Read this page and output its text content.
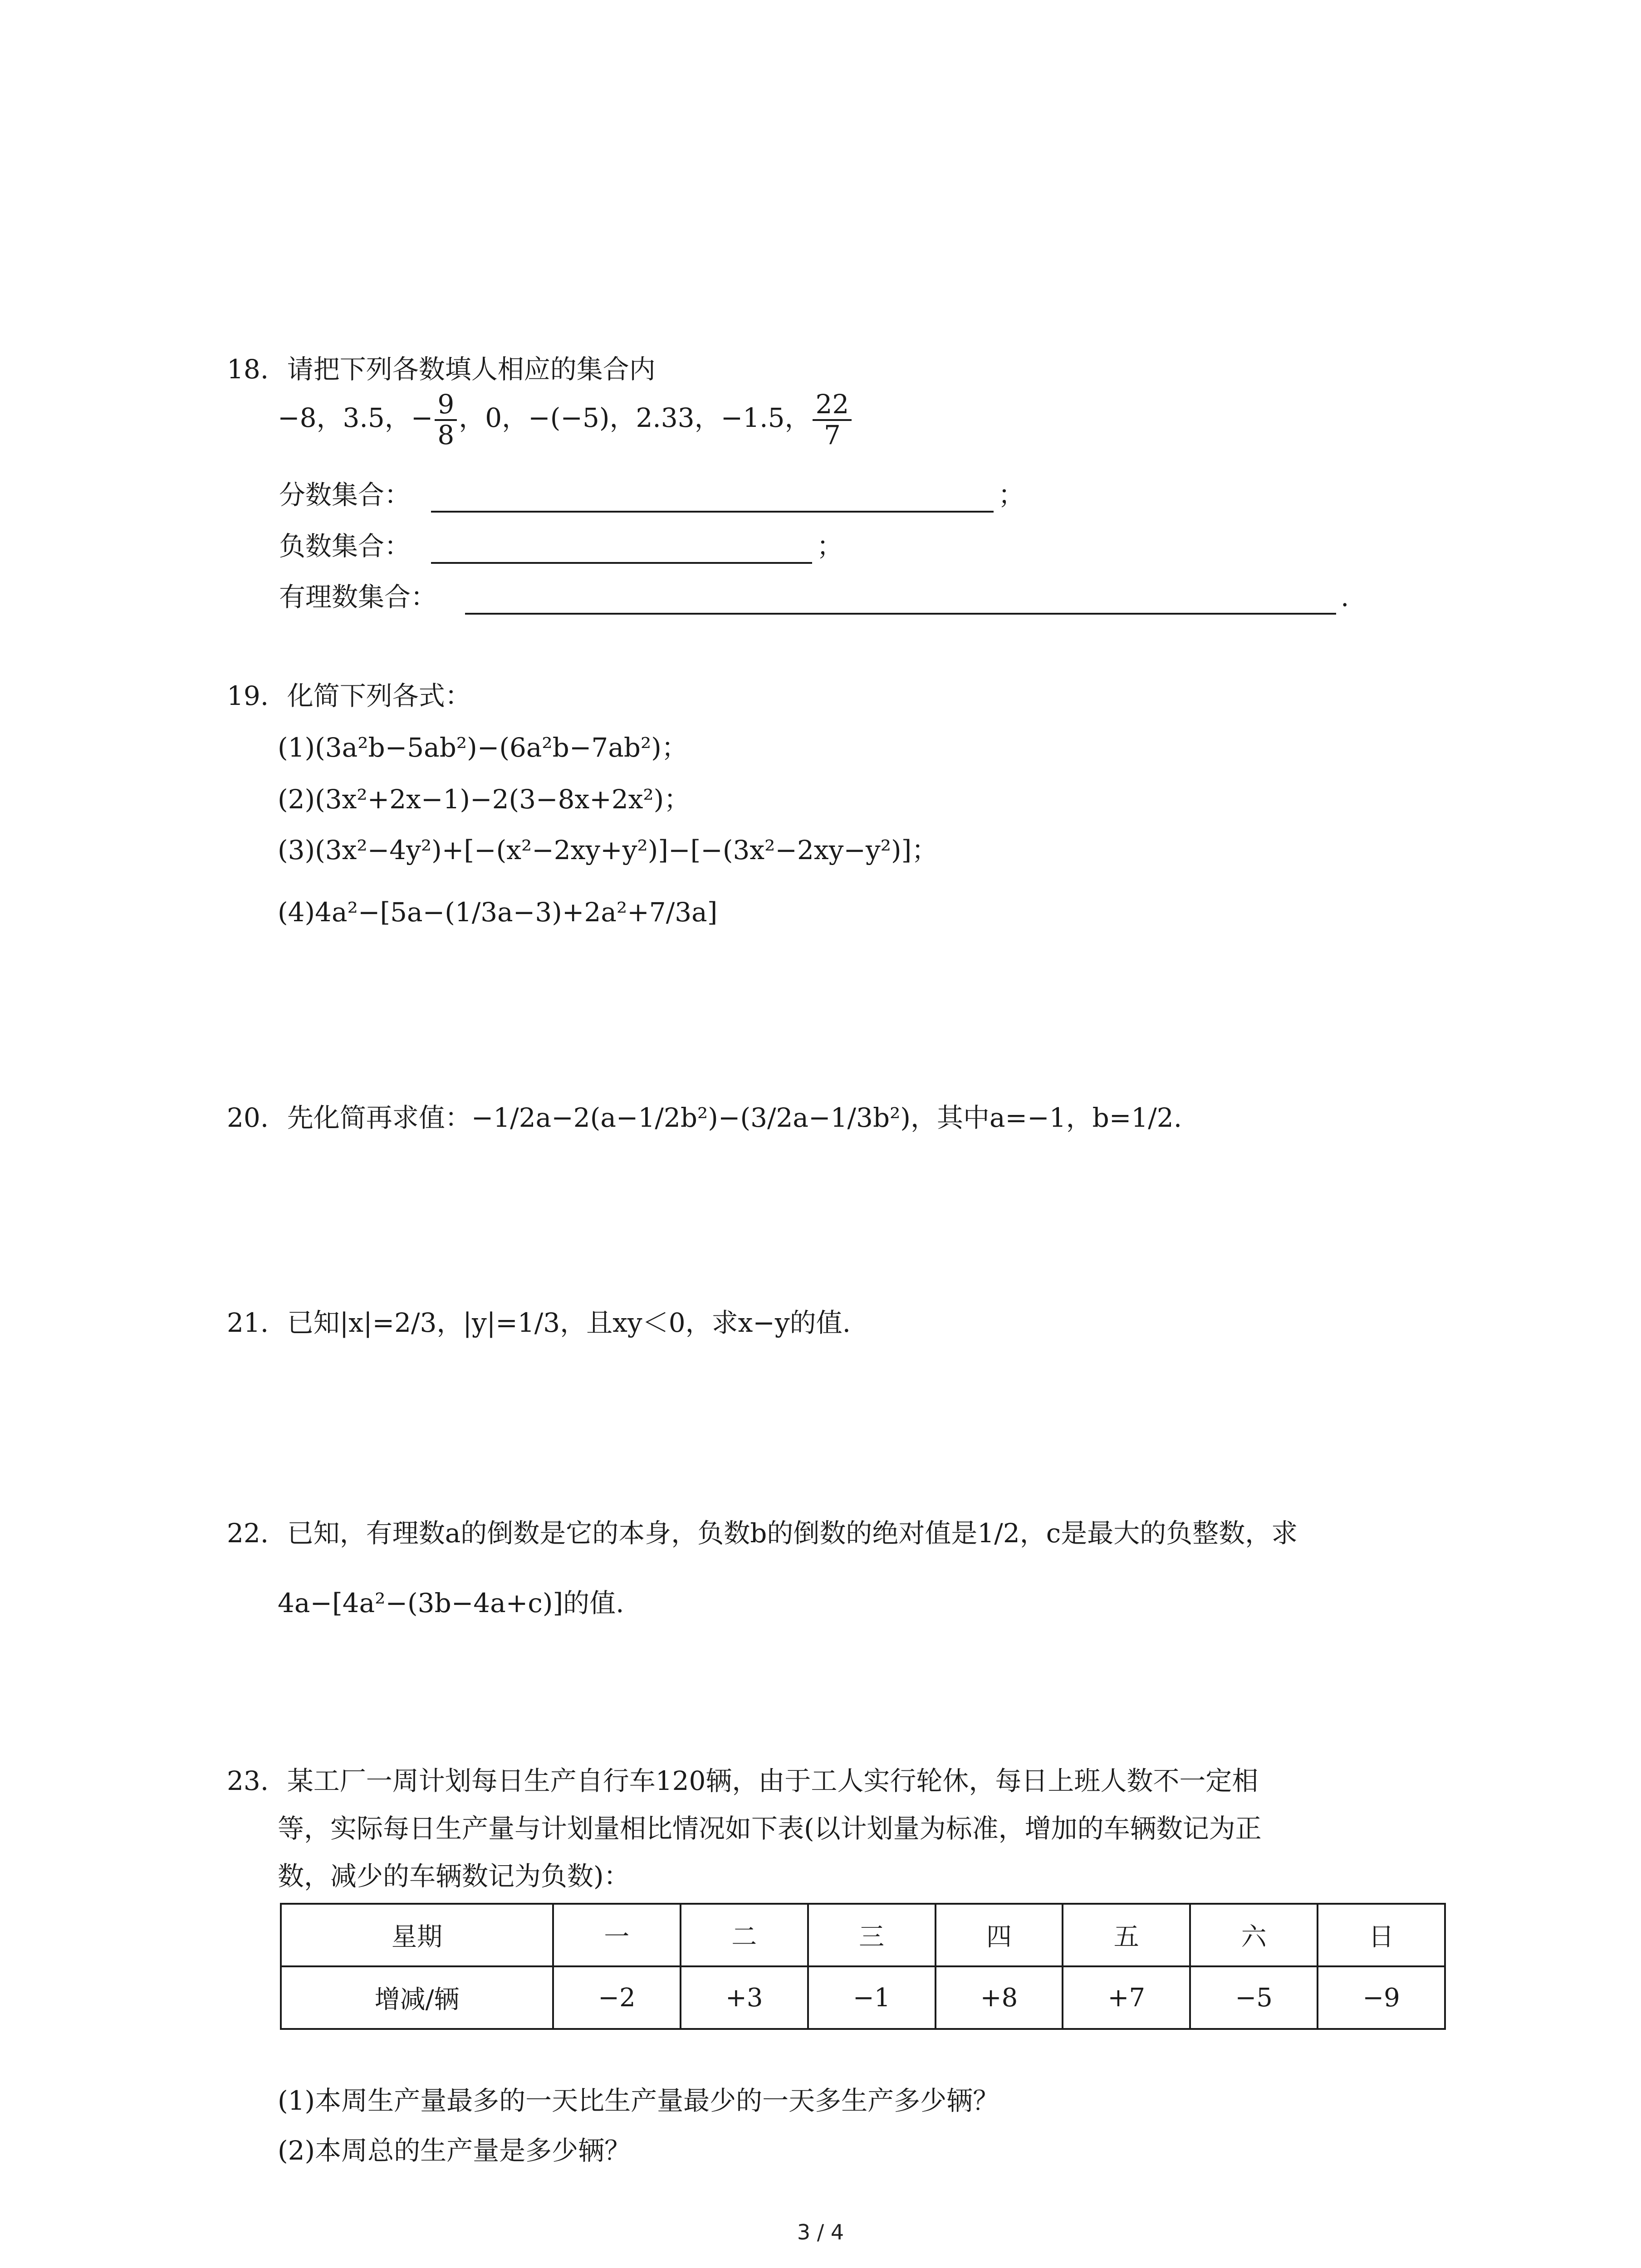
18. 请把下列各数填人相应的集合内
−8，3.5，− $\frac{9}{8}$ ，0，−(−5)，2.33，−1.5， $\frac{22}{7}$
分数集合：	；
负数集合：	；
有理数集合：	.
19. 化简下列各式：
(1)(3a²b−5ab²)−(6a²b−7ab²)；
(2)(3x²+2x−1)−2(3−8x+2x²)；
(3)(3x²−4y²)+[−(x²−2xy+y²)]−[−(3x²−2xy−y²)]；
(4)4a²−[5a−(1/3a−3)+2a²+7/3a]
20. 先化简再求值：−1/2a−2(a−1/2b²)−(3/2a−1/3b²)，其中a=−1，b=1/2.
21. 已知|x|=2/3，|y|=1/3，且xy＜0，求x−y的值.
22. 已知，有理数a的倒数是它的本身，负数b的倒数的绝对值是1/2，c是最大的负整数，求
4a−[4a²−(3b−4a+c)]的值.
23. 某工厂一周计划每日生产自行车120辆，由于工人实行轮休，每日上班人数不一定相
等，实际每日生产量与计划量相比情况如下表(以计划量为标准，增加的车辆数记为正
数，减少的车辆数记为负数)：
星期	一	二	三	四	五	六	日
增减/辆	−2	+3	−1	+8	+7	−5	−9
(1)本周生产量最多的一天比生产量最少的一天多生产多少辆？
(2)本周总的生产量是多少辆？
3 / 4
